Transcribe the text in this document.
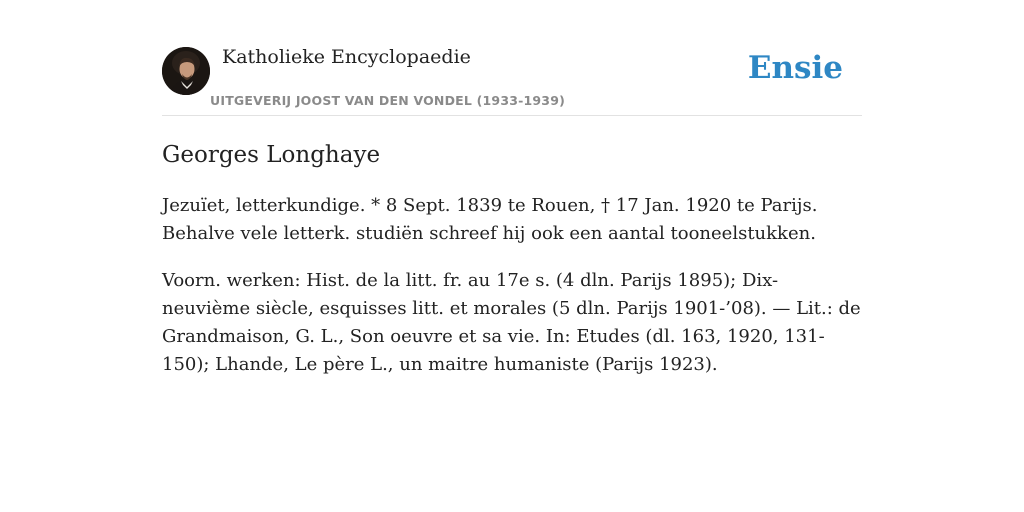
Katholieke Encyclopaedie
UITGEVERIJ JOOST VAN DEN VONDEL (1933-1939)
Ensie
Georges Longhaye

Jezuïet, letterkundige. * 8 Sept. 1839 te Rouen, † 17 Jan. 1920 te Parijs. Behalve vele letterk. studiën schreef hij ook een aantal tooneelstukken.

Voorn. werken: Hist. de la litt. fr. au 17e s. (4 dln. Parijs 1895); Dix-neuvième siècle, esquisses litt. et morales (5 dln. Parijs 1901-’08). — Lit.: de Grandmaison, G. L., Son oeuvre et sa vie. In: Etudes (dl. 163, 1920, 131-150); Lhande, Le père L., un maitre humaniste (Parijs 1923).
